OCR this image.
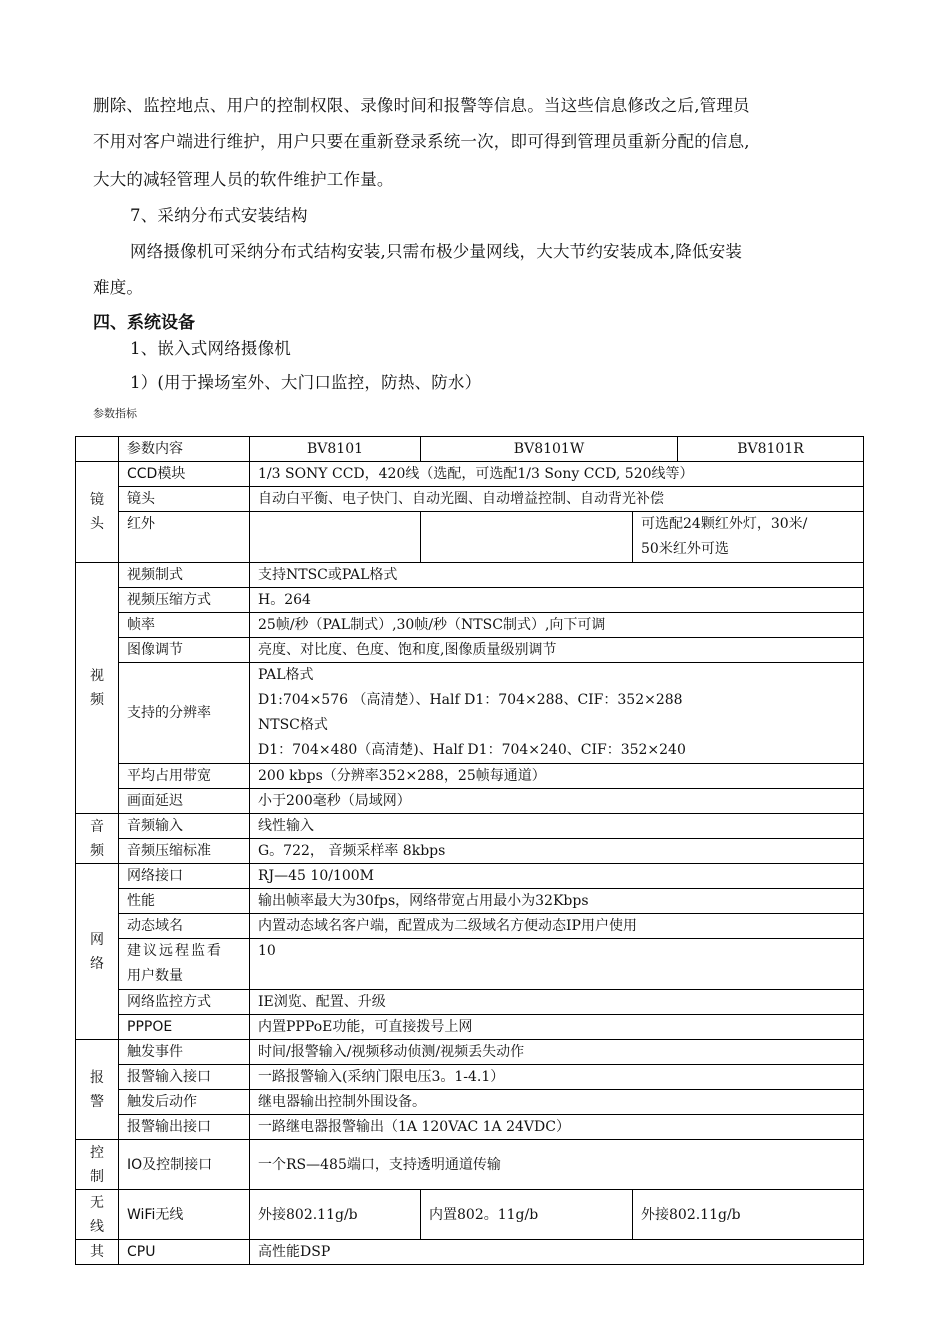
删除、监控地点、用户的控制权限、录像时间和报警等信息。当这些信息修改之后,管理员
不用对客户端进行维护，用户只要在重新登录系统一次，即可得到管理员重新分配的信息,
大大的减轻管理人员的软件维护工作量。
7、采纳分布式安装结构
网络摄像机可采纳分布式结构安装,只需布极少量网线，大大节约安装成本,降低安装
难度。
四、系统设备
1、嵌入式网络摄像机
1）(用于操场室外、大门口监控，防热、防水）
参数指标
	参数内容	BV8101	BV8101W		BV8101R

镜
头	CCD模块	1/3 SONY CCD，420线（选配，可选配1/3 Sony CCD, 520线等）			
	镜头	自动白平衡、电子快门、自动光圈、自动增益控制、自动背光补偿			
	红外			可选配24颗红外灯，30米/
50米红外可选	

视
频	视频制式	支持NTSC或PAL格式			
	视频压缩方式	H。264			
	帧率	25帧/秒（PAL制式）,30帧/秒（NTSC制式）,向下可调			
	图像调节	亮度、对比度、色度、饱和度,图像质量级别调节			
	支持的分辨率	PAL格式
D1:704×576 （高清楚）、Half D1：704×288、CIF：352×288
NTSC格式
D1：704×480（高清楚)、Half D1：704×240、CIF：352×240			

	平均占用带宽	200 kbps（分辨率352×288，25帧每通道）			
	画面延迟	小于200毫秒（局域网）			

音
频	音频输入	线性输入			
	音频压缩标准	G。722， 音频采样率 8kbps			

网
络	网络接口	RJ—45 10/100M			
	性能	输出帧率最大为30fps，网络带宽占用最小为32Kbps			
	动态域名	内置动态域名客户端，配置成为二级域名方便动态IP用户使用			

	建议远程监看
用户数量	10			
	网络监控方式	IE浏览、配置、升级			
	PPPOE	内置PPPoE功能，可直接拨号上网			

报
警	触发事件	时间/报警输入/视频移动侦测/视频丢失动作			
	报警输入接口	一路报警输入(采纳门限电压3。1-4.1）			
	触发后动作	继电器输出控制外围设备。			
	报警输出接口	一路继电器报警输出（1A 120VAC 1A 24VDC）			

控
制	IO及控制接口	一个RS—485端口，支持透明通道传输			

无
线	WiFi无线	外接802.11g/b	内置802。11g/b	外接802.11g/b	

其	CPU	高性能DSP			
